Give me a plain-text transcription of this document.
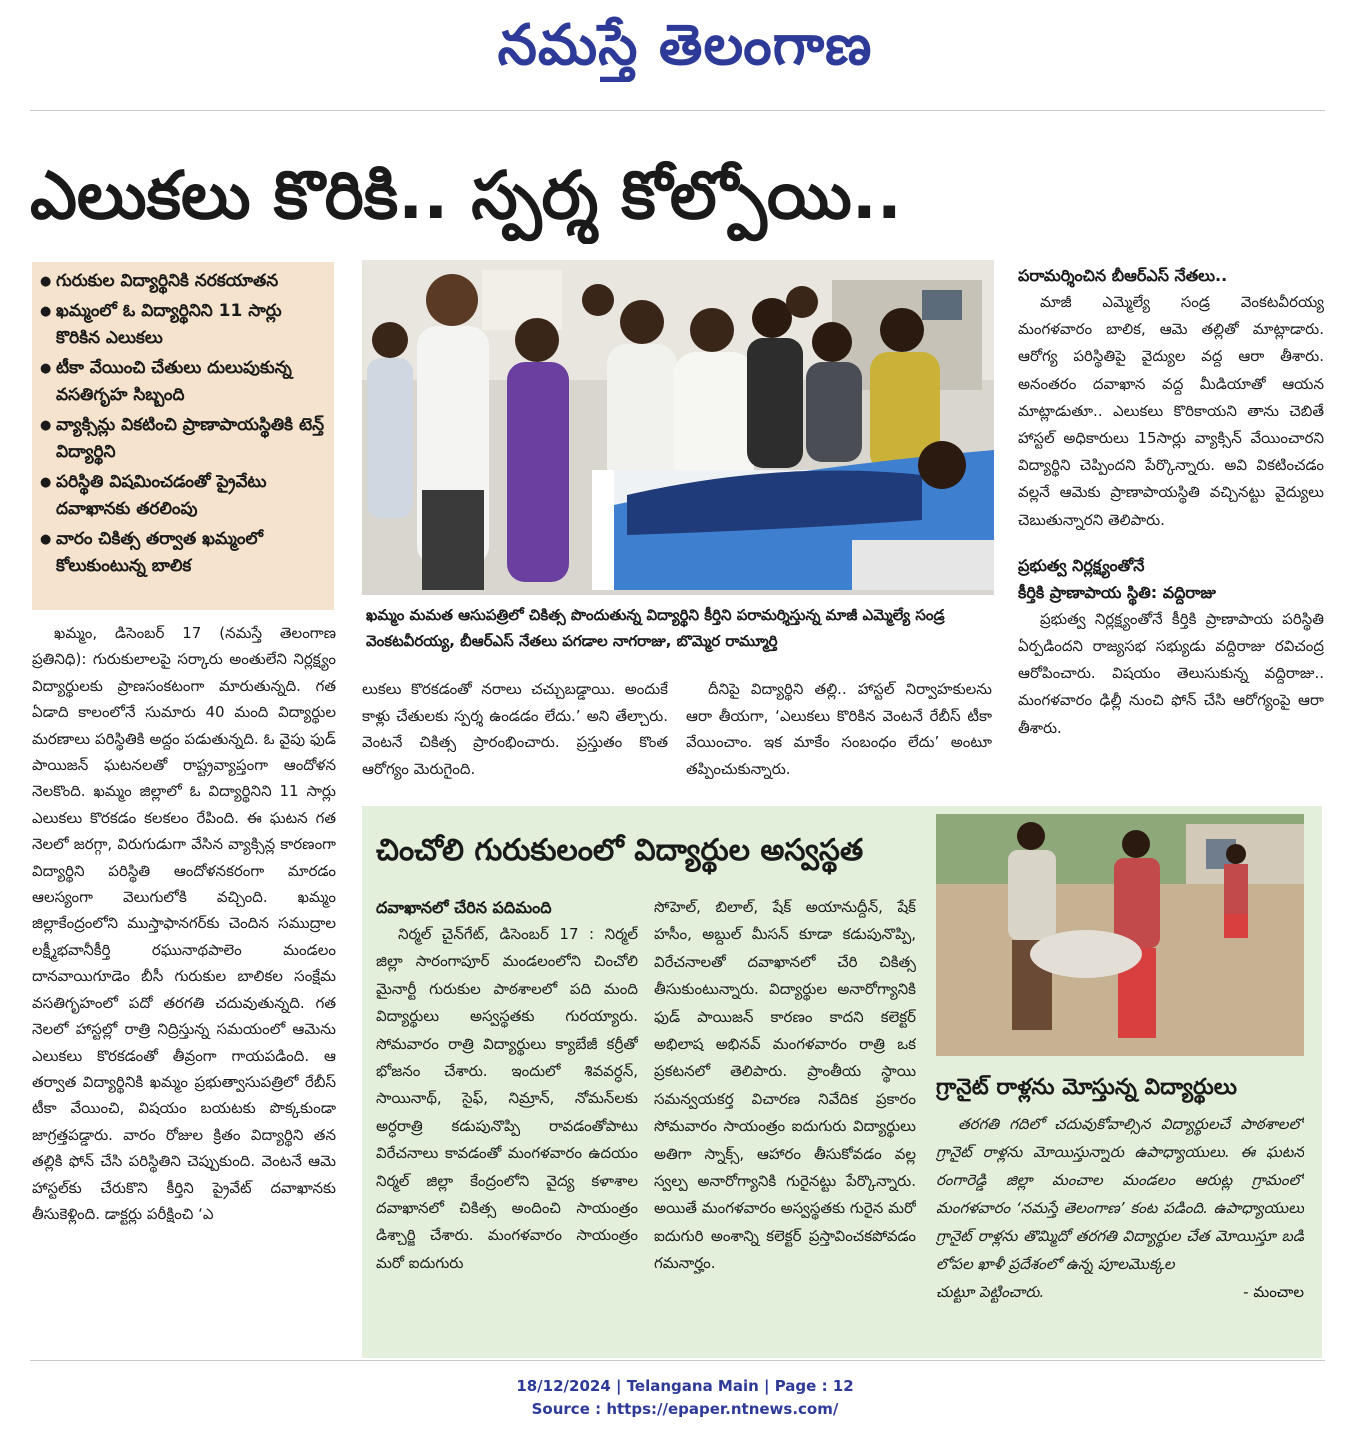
నమస్తే తెలంగాణ
ఎలుకలు కొరికి.. స్పర్శ కోల్పోయి..
● గురుకుల విద్యార్థినికి నరకయాతన
● ఖమ్మంలో ఓ విద్యార్థినిని 11 సార్లు కొరికిన ఎలుకలు
● టీకా వేయించి చేతులు దులుపుకున్న వసతిగృహ సిబ్బంది
● వ్యాక్సిన్లు వికటించి ప్రాణాపాయస్థితికి టెన్త్ విద్యార్థిని
● పరిస్థితి విషమించడంతో ప్రైవేటు దవాఖానకు తరలింపు
● వారం చికిత్స తర్వాత ఖమ్మంలో కోలుకుంటున్న బాలిక
ఖమ్మం మమత ఆసుపత్రిలో చికిత్స పొందుతున్న విద్యార్థిని కీర్తిని పరామర్శిస్తున్న మాజీ ఎమ్మెల్యే సండ్ర వెంకటవీరయ్య, బీఆర్ఎస్ నేతలు పగడాల నాగరాజు, బొమ్మెర రామ్మూర్తి
పరామర్శించిన బీఆర్ఎస్ నేతలు..
మాజీ ఎమ్మెల్యే సండ్ర వెంకటవీరయ్య మంగళవారం బాలిక, ఆమె తల్లితో మాట్లాడారు. ఆరోగ్య పరిస్థితిపై వైద్యుల వద్ద ఆరా తీశారు. అనంతరం దవాఖాన వద్ద మీడియాతో ఆయన మాట్లాడుతూ.. ఎలుకలు కొరికాయని తాను చెబితే హాస్టల్ అధికారులు 15సార్లు వ్యాక్సిన్ వేయించారని విద్యార్థిని చెప్పిందని పేర్కొన్నారు. అవి వికటించడం వల్లనే ఆమెకు ప్రాణాపాయస్థితి వచ్చినట్టు వైద్యులు చెబుతున్నారని తెలిపారు.
ప్రభుత్వ నిర్లక్ష్యంతోనే
కీర్తికి ప్రాణాపాయ స్థితి: వద్దిరాజు
ప్రభుత్వ నిర్లక్ష్యంతోనే కీర్తికి ప్రాణాపాయ పరిస్థితి ఏర్పడిందని రాజ్యసభ సభ్యుడు వద్దిరాజు రవిచంద్ర ఆరోపించారు. విషయం తెలుసుకున్న వద్దిరాజు.. మంగళవారం ఢిల్లీ నుంచి ఫోన్ చేసి ఆరోగ్యంపై ఆరా తీశారు.
ఖమ్మం, డిసెంబర్ 17 (నమస్తే తెలంగాణ ప్రతినిధి): గురుకులాలపై సర్కారు అంతులేని నిర్లక్ష్యం విద్యార్థులకు ప్రాణసంకటంగా మారుతున్నది. గత ఏడాది కాలంలోనే సుమారు 40 మంది విద్యార్థుల మరణాలు పరిస్థితికి అద్దం పడుతున్నది. ఓ వైపు ఫుడ్ పాయిజన్ ఘటనలతో రాష్ట్రవ్యాప్తంగా ఆందోళన నెలకొంది. ఖమ్మం జిల్లాలో ఓ విద్యార్థినిని 11 సార్లు ఎలుకలు కొరకడం కలకలం రేపింది. ఈ ఘటన గత నెలలో జరగ్గా, విరుగుడుగా వేసిన వ్యాక్సిన్ల కారణంగా విద్యార్థిని పరిస్థితి ఆందోళనకరంగా మారడం ఆలస్యంగా వెలుగులోకి వచ్చింది. ఖమ్మం జిల్లాకేంద్రంలోని ముస్తాఫానగర్‌కు చెందిన సముద్రాల లక్ష్మీభవానీకీర్తి రఘునాథపాలెం మండలం దానవాయిగూడెం బీసీ గురుకుల బాలికల సంక్షేమ వసతిగృహంలో పదో తరగతి చదువుతున్నది. గత నెలలో హాస్టల్లో రాత్రి నిద్రిస్తున్న సమయంలో ఆమెను ఎలుకలు కొరకడంతో తీవ్రంగా గాయపడింది. ఆ తర్వాత విద్యార్థినికి ఖమ్మం ప్రభుత్వాసుపత్రిలో రేబీస్ టీకా వేయించి, విషయం బయటకు పొక్కకుండా జాగ్రత్తపడ్డారు. వారం రోజుల క్రితం విద్యార్థిని తన తల్లికి ఫోన్ చేసి పరిస్థితిని చెప్పుకుంది. వెంటనే ఆమె హాస్టల్‌కు చేరుకొని కీర్తిని ప్రైవేట్ దవాఖానకు తీసుకెళ్లింది. డాక్టర్లు పరీక్షించి ‘ఎ
లుకలు కొరకడంతో నరాలు చచ్చుబడ్డాయి. అందుకే కాళ్లు చేతులకు స్పర్శ ఉండడం లేదు.’ అని తేల్చారు. వెంటనే చికిత్స ప్రారంభించారు. ప్రస్తుతం కొంత ఆరోగ్యం మెరుగైంది.
దీనిపై విద్యార్థిని తల్లి.. హాస్టల్ నిర్వాహకులను ఆరా తీయగా, ‘ఎలుకలు కొరికిన వెంటనే రేబీస్ టీకా వేయించాం. ఇక మాకేం సంబంధం లేదు’ అంటూ తప్పించుకున్నారు.
చించోలి గురుకులంలో విద్యార్థుల అస్వస్థత
దవాఖానలో చేరిన పదిమంది
నిర్మల్ చైన్‌గేట్, డిసెంబర్ 17 : నిర్మల్ జిల్లా సారంగాపూర్ మండలంలోని చించోలి మైనార్టీ గురుకుల పాఠశాలలో పది మంది విద్యార్థులు అస్వస్థతకు గురయ్యారు. సోమవారం రాత్రి విద్యార్థులు క్యాబేజీ కర్రీతో భోజనం చేశారు. ఇందులో శివవర్ధన్, సాయినాథ్, సైఫ్, నిమ్రాన్, నోమన్‌లకు అర్ధరాత్రి కడుపునొప్పి రావడంతోపాటు విరేచనాలు కావడంతో మంగళవారం ఉదయం నిర్మల్ జిల్లా కేంద్రంలోని వైద్య కళాశాల దవాఖానలో చికిత్స అందించి సాయంత్రం డిశ్చార్జి చేశారు. మంగళవారం సాయంత్రం మరో ఐదుగురు
సోహెల్, బిలాల్, షేక్ అయానుద్దీన్, షేక్ హసీం, అబ్దుల్ మీసన్ కూడా కడుపునొప్పి, విరేచనాలతో దవాఖానలో చేరి చికిత్స తీసుకుంటున్నారు. విద్యార్థుల అనారోగ్యానికి ఫుడ్ పాయిజన్ కారణం కాదని కలెక్టర్ అభిలాష అభినవ్ మంగళవారం రాత్రి ఒక ప్రకటనలో తెలిపారు. ప్రాంతీయ స్థాయి సమన్వయకర్త విచారణ నివేదిక ప్రకారం సోమవారం సాయంత్రం ఐదుగురు విద్యార్థులు అతిగా స్నాక్స్, ఆహారం తీసుకోవడం వల్ల స్వల్ప అనారోగ్యానికి గురైనట్టు పేర్కొన్నారు. అయితే మంగళవారం అస్వస్థతకు గురైన మరో ఐదుగురి అంశాన్ని కలెక్టర్ ప్రస్తావించకపోవడం గమనార్హం.
గ్రానైట్ రాళ్లను మోస్తున్న విద్యార్థులు
తరగతి గదిలో చదువుకోవాల్సిన విద్యార్థులచే పాఠశాలలో గ్రానైట్ రాళ్లను మోయిస్తున్నారు ఉపాధ్యాయులు. ఈ ఘటన రంగారెడ్డి జిల్లా మంచాల మండలం ఆరుట్ల గ్రామంలో మంగళవారం ‘నమస్తే తెలంగాణ’ కంట పడింది. ఉపాధ్యాయులు గ్రానైట్ రాళ్లను తొమ్మిదో తరగతి విద్యార్థుల చేత మోయిస్తూ బడి లోపల ఖాళీ ప్రదేశంలో ఉన్న పూలమొక్కల
చుట్టూ పెట్టించారు.	- మంచాల
18/12/2024 | Telangana Main | Page : 12
Source : https://epaper.ntnews.com/
